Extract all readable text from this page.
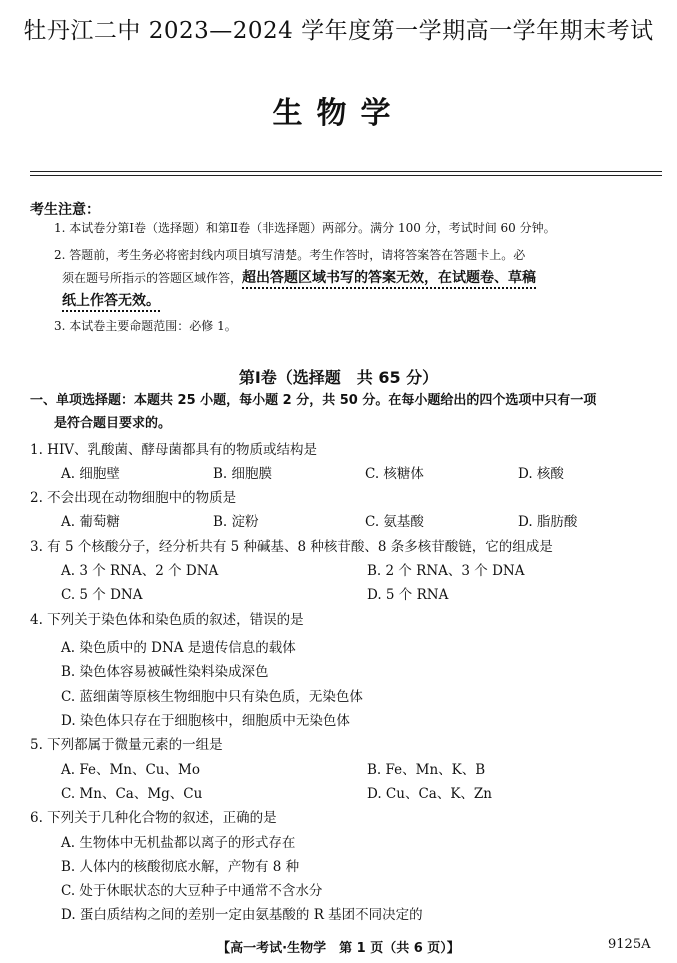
牡丹江二中 2023—2024 学年度第一学期高一学年期末考试
生物学
考生注意：
1. 本试卷分第Ⅰ卷（选择题）和第Ⅱ卷（非选择题）两部分。满分 100 分，考试时间 60 分钟。
2. 答题前，考生务必将密封线内项目填写清楚。考生作答时，请将答案答在答题卡上。必
须在题号所指示的答题区域作答，超出答题区域书写的答案无效，在试题卷、草稿
纸上作答无效。
3. 本试卷主要命题范围：必修 1。
第Ⅰ卷（选择题　共 65 分）
一、单项选择题：本题共 25 小题，每小题 2 分，共 50 分。在每小题给出的四个选项中只有一项
是符合题目要求的。
1. HIV、乳酸菌、酵母菌都具有的物质或结构是
A. 细胞壁	B. 细胞膜	C. 核糖体	D. 核酸
2. 不会出现在动物细胞中的物质是
A. 葡萄糖	B. 淀粉	C. 氨基酸	D. 脂肪酸
3. 有 5 个核酸分子，经分析共有 5 种碱基、8 种核苷酸、8 条多核苷酸链，它的组成是
A. 3 个 RNA、2 个 DNA	B. 2 个 RNA、3 个 DNA
C. 5 个 DNA	D. 5 个 RNA
4. 下列关于染色体和染色质的叙述，错误的是
A. 染色质中的 DNA 是遗传信息的载体
B. 染色体容易被碱性染料染成深色
C. 蓝细菌等原核生物细胞中只有染色质，无染色体
D. 染色体只存在于细胞核中，细胞质中无染色体
5. 下列都属于微量元素的一组是
A. Fe、Mn、Cu、Mo	B. Fe、Mn、K、B
C. Mn、Ca、Mg、Cu	D. Cu、Ca、K、Zn
6. 下列关于几种化合物的叙述，正确的是
A. 生物体中无机盐都以离子的形式存在
B. 人体内的核酸彻底水解，产物有 8 种
C. 处于休眠状态的大豆种子中通常不含水分
D. 蛋白质结构之间的差别一定由氨基酸的 R 基团不同决定的
【高一考试·生物学　第 1 页（共 6 页）】	9125A
